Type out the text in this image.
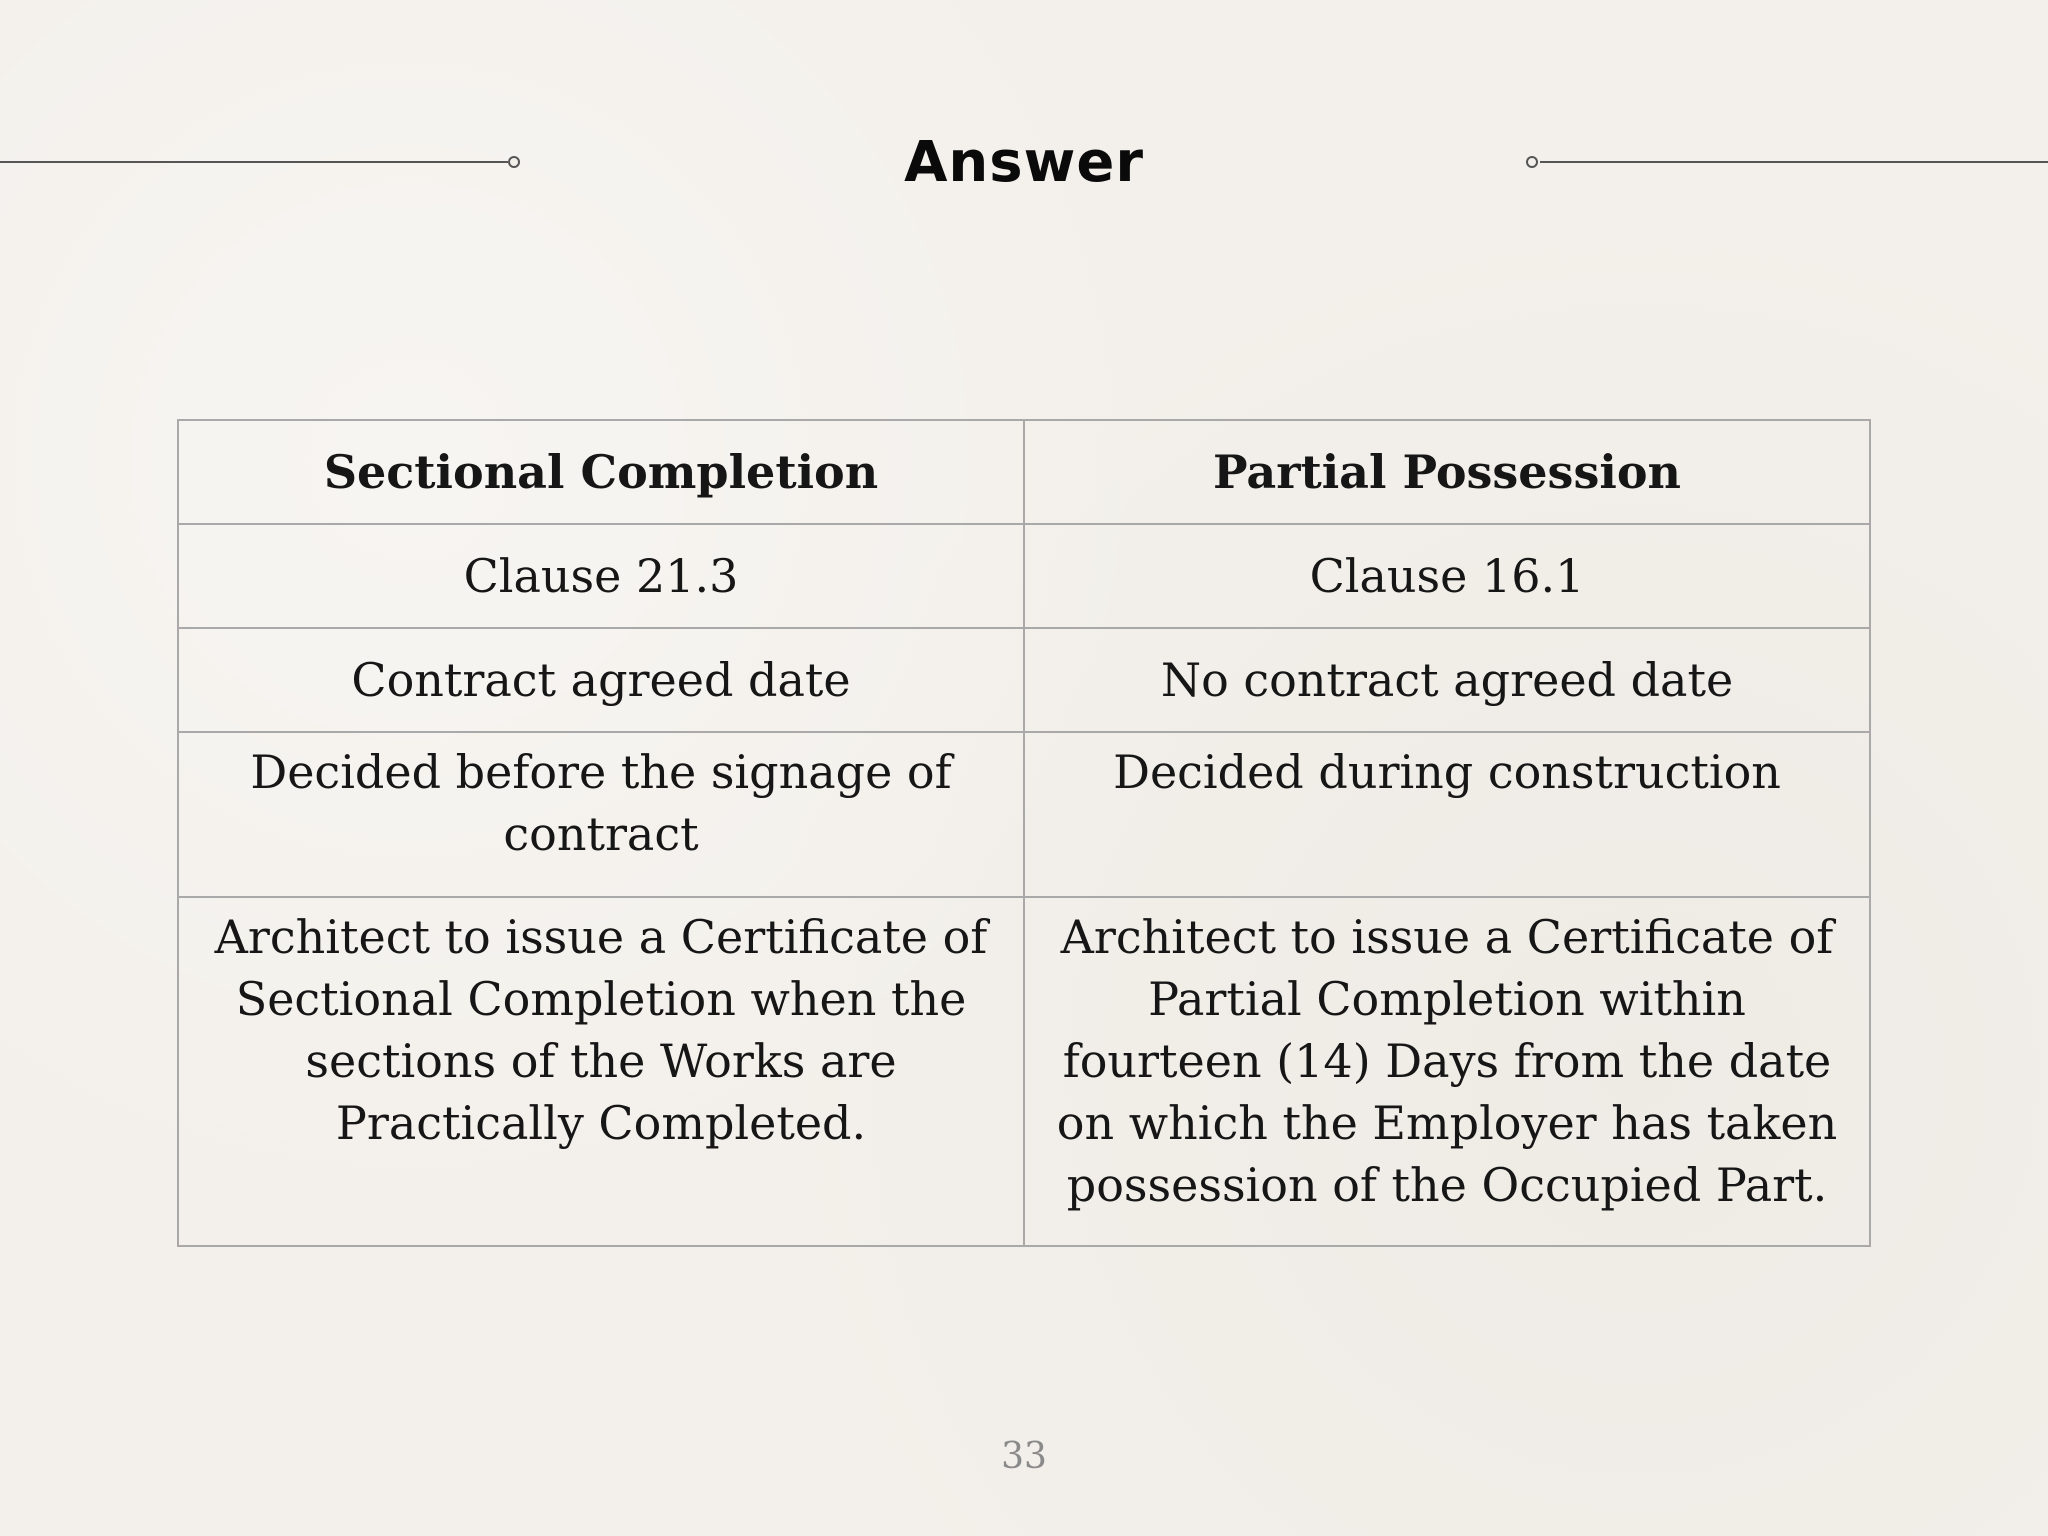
Answer
Sectional Completion	Partial Possession
Clause 21.3	Clause 16.1
Contract agreed date	No contract agreed date
Decided before the signage of contract	Decided during construction
Architect to issue a Certificate of Sectional Completion when the sections of the Works are Practically Completed.	Architect to issue a Certificate of Partial Completion within fourteen (14) Days from the date on which the Employer has taken possession of the Occupied Part.
33
